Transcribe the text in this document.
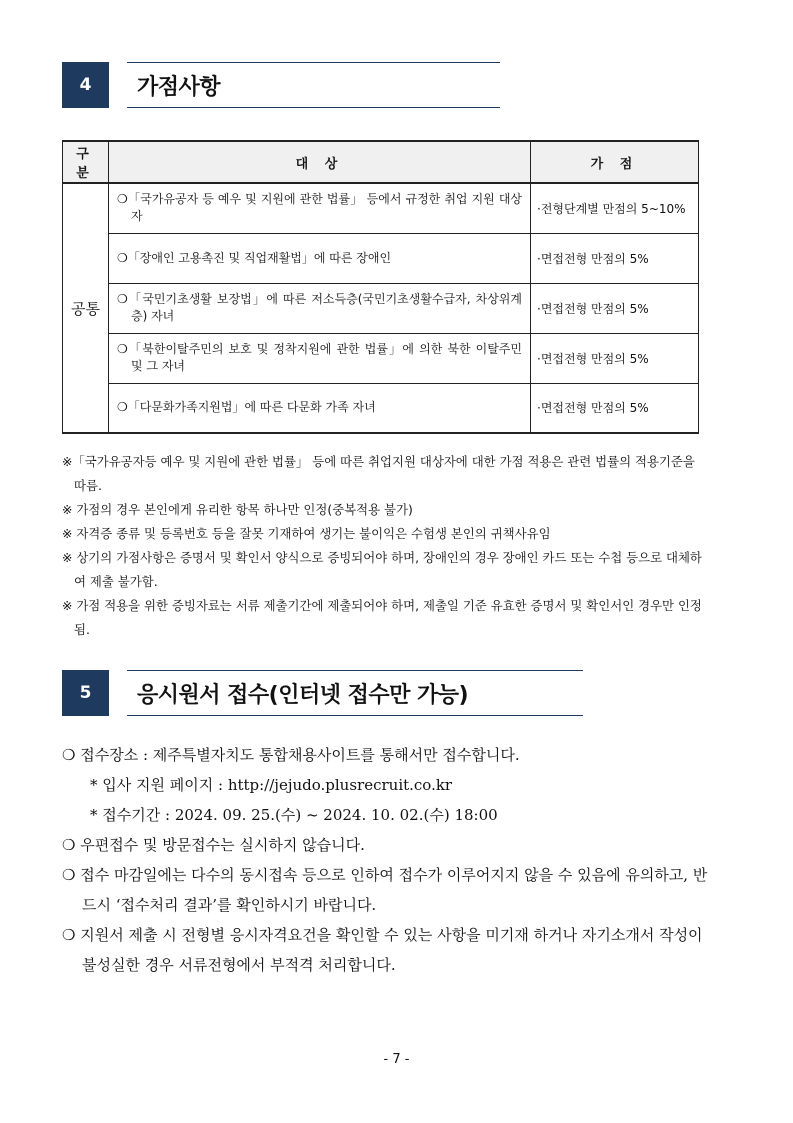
4	가점사항
구 분	대 상	가 점
공통	❍「국가유공자 등 예우 및 지원에 관한 법률」 등에서 규정한 취업 지원 대상자	·전형단계별 만점의 5~10%
	❍「장애인 고용촉진 및 직업재활법」에 따른 장애인	·면접전형 만점의 5%
	❍「국민기초생활 보장법」에 따른 저소득층(국민기초생활수급자, 차상위계층) 자녀	·면접전형 만점의 5%
	❍「북한이탈주민의 보호 및 정착지원에 관한 법률」에 의한 북한 이탈주민 및 그 자녀	·면접전형 만점의 5%
	❍「다문화가족지원법」에 따른 다문화 가족 자녀	·면접전형 만점의 5%

※「국가유공자등 예우 및 지원에 관한 법률」 등에 따른 취업지원 대상자에 대한 가점 적용은 관련 법률의 적용기준을 따름.

※ 가점의 경우 본인에게 유리한 항목 하나만 인정(중복적용 불가)

※ 자격증 종류 및 등록번호 등을 잘못 기재하여 생기는 불이익은 수험생 본인의 귀책사유임

※ 상기의 가점사항은 증명서 및 확인서 양식으로 증빙되어야 하며, 장애인의 경우 장애인 카드 또는 수첩 등으로 대체하여 제출 불가함.

※ 가점 적용을 위한 증빙자료는 서류 제출기간에 제출되어야 하며, 제출일 기준 유효한 증명서 및 확인서인 경우만 인정됨.

5	응시원서 접수(인터넷 접수만 가능)

❍ 접수장소 : 제주특별자치도 통합채용사이트를 통해서만 접수합니다.

* 입사 지원 페이지 : http://jejudo.plusrecruit.co.kr

* 접수기간 : 2024. 09. 25.(수) ~ 2024. 10. 02.(수) 18:00

❍ 우편접수 및 방문접수는 실시하지 않습니다.

❍ 접수 마감일에는 다수의 동시접속 등으로 인하여 접수가 이루어지지 않을 수 있음에 유의하고, 반드시 ‘접수처리 결과’를 확인하시기 바랍니다.

❍ 지원서 제출 시 전형별 응시자격요건을 확인할 수 있는 사항을 미기재 하거나 자기소개서 작성이 불성실한 경우 서류전형에서 부적격 처리합니다.

- 7 -
